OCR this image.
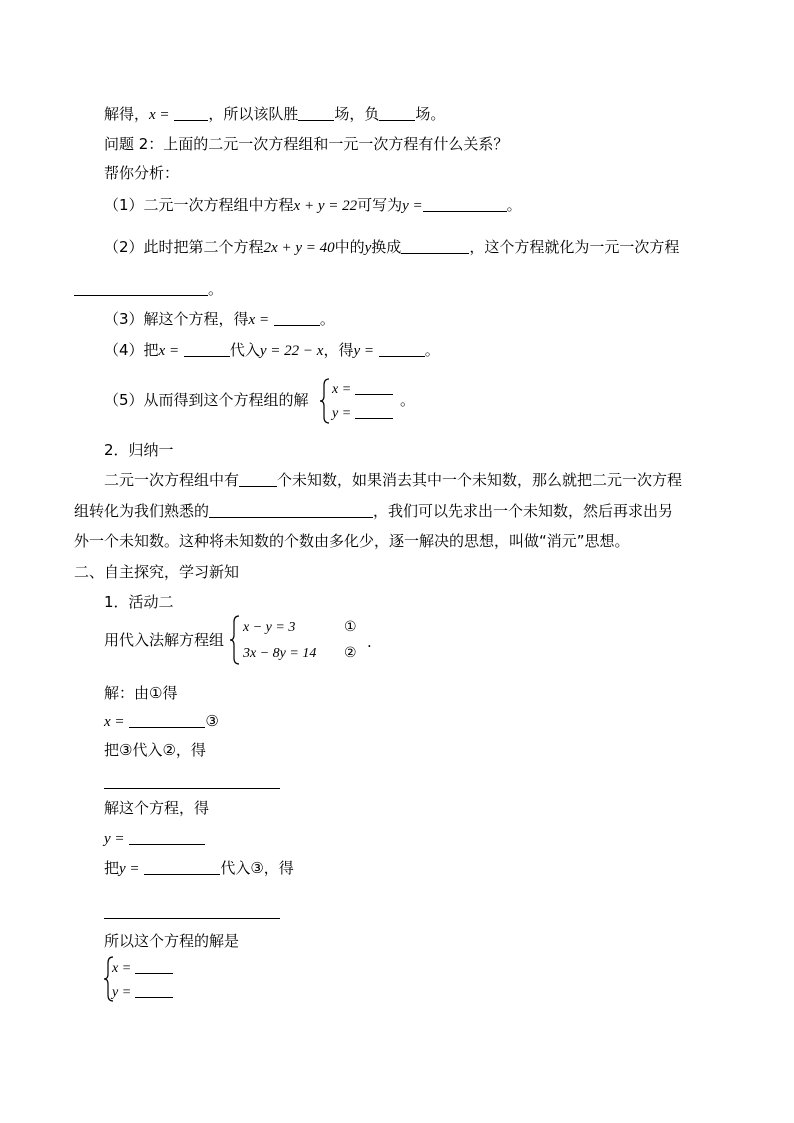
解得，x =	，所以该队胜 场，负 场。
问题 2：上面的二元一次方程组和一元一次方程有什么关系？
帮你分析：
（1）二元一次方程组中方程x + y = 22可写为y =	。
（2）此时把第二个方程2x + y = 40中的y换成	，这个方程就化为一元一次方程
。
（3）解这个方程，得x =	。
（4）把x =	代入y = 22 − x，得y =	。
（5）从而得到这个方程组的解
x =
y =
。
2．归纳一
二元一次方程组中有	个未知数，如果消去其中一个未知数，那么就把二元一次方程
组转化为我们熟悉的	，我们可以先求出一个未知数，然后再求出另
外一个未知数。这种将未知数的个数由多化少，逐一解决的思想，叫做“消元”思想。
二、自主探究，学习新知
1．活动二
用代入法解方程组
x − y = 3	①
3x − 8y = 14 ②
.
解：由①得
x =	③
把③代入②，得
解这个方程，得
y =
把y =	代入③，得
所以这个方程的解是
x =
y =
